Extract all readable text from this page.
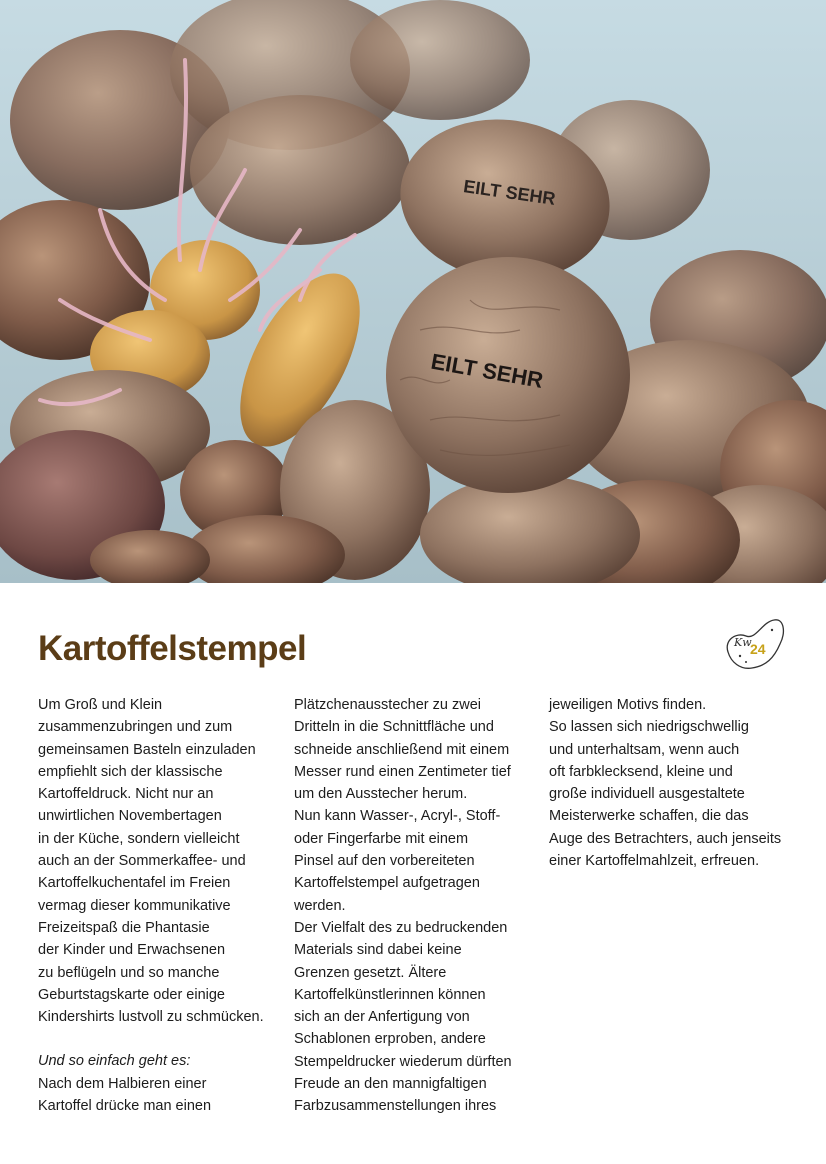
EILT SEHR
EILT SEHR
Kartoffelstempel	Kw
24

Um Groß und Klein
zusammenzubringen und zum
gemeinsamen Basteln einzuladen
empfiehlt sich der klassische
Kartoffeldruck. Nicht nur an
unwirtlichen Novembertagen
in der Küche, sondern vielleicht
auch an der Sommerkaffee- und
Kartoffelkuchentafel im Freien
vermag dieser kommunikative
Freizeitspaß die Phantasie
der Kinder und Erwachsenen
zu beflügeln und so manche
Geburtstagskarte oder einige
Kindershirts lustvoll zu schmücken.

Und so einfach geht es:

Nach dem Halbieren einer
Kartoffel drücke man einen

Plätzchenausstecher zu zwei
Dritteln in die Schnittfläche und
schneide anschließend mit einem
Messer rund einen Zentimeter tief
um den Ausstecher herum.
Nun kann Wasser-, Acryl-, Stoff-
oder Fingerfarbe mit einem
Pinsel auf den vorbereiteten
Kartoffelstempel aufgetragen
werden.
Der Vielfalt des zu bedruckenden
Materials sind dabei keine
Grenzen gesetzt. Ältere
Kartoffelkünstlerinnen können
sich an der Anfertigung von
Schablonen erproben, andere
Stempeldrucker wiederum dürften
Freude an den mannigfaltigen
Farbzusammenstellungen ihres

jeweiligen Motivs finden.
So lassen sich niedrigschwellig
und unterhaltsam, wenn auch
oft farbklecksend, kleine und
große individuell ausgestaltete
Meisterwerke schaffen, die das
Auge des Betrachters, auch jenseits
einer Kartoffelmahlzeit, erfreuen.
